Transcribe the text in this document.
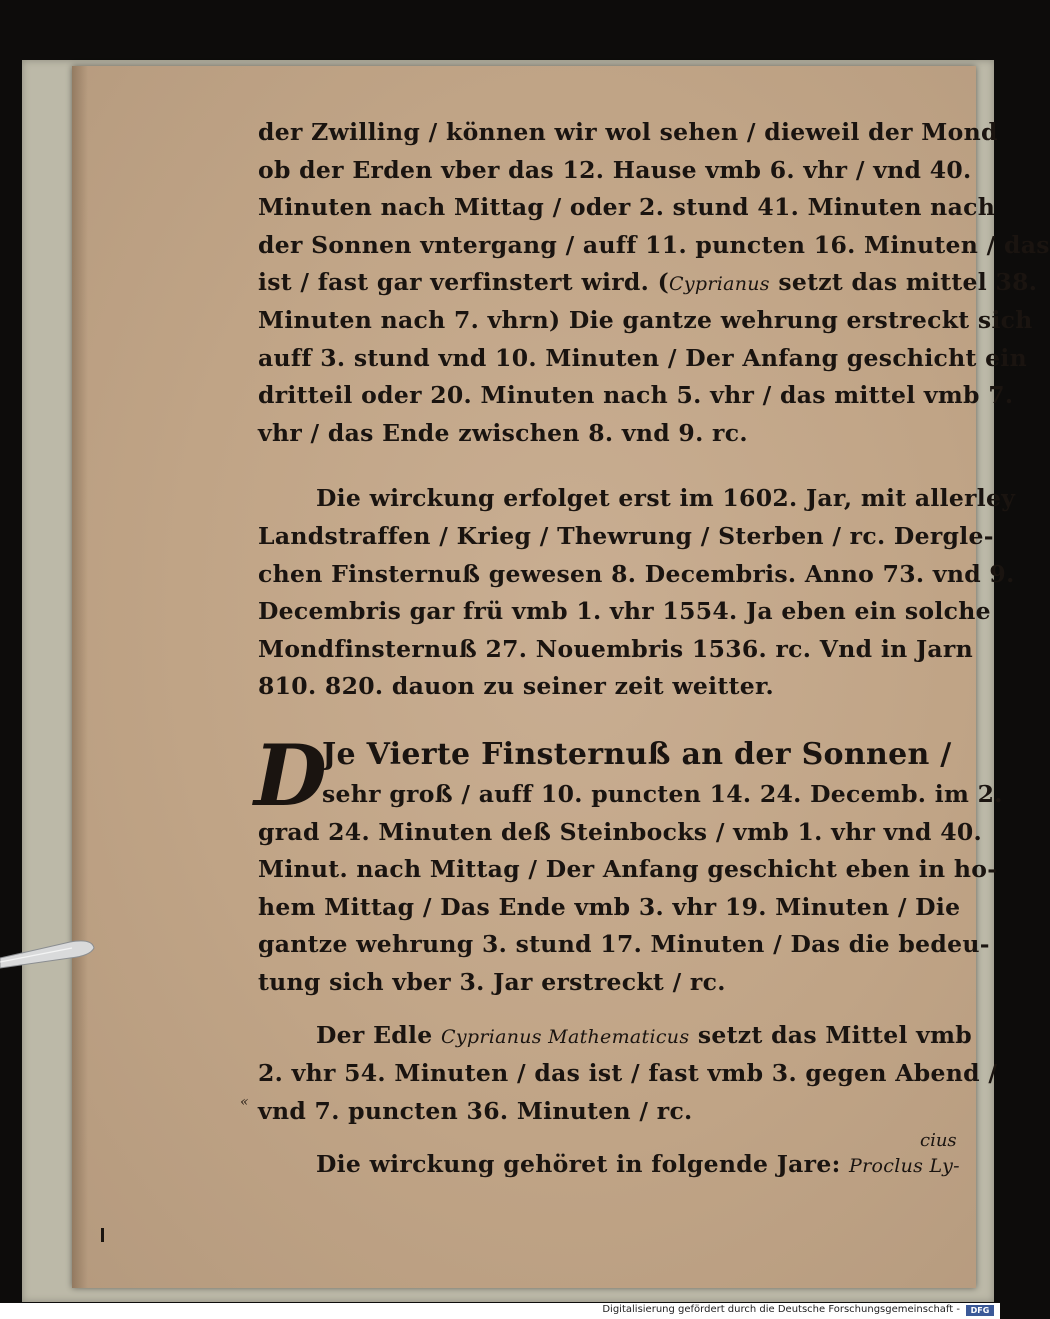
der Zwilling / können wir wol sehen / dieweil der Mond
ob der Erden vber das 12. Hause vmb 6. vhr / vnd 40.
Minuten nach Mittag / oder 2. stund 41. Minuten nach
der Sonnen vntergang / auff 11. puncten 16. Minuten / das
ist / fast gar verfinstert wird. (Cyprianus setzt das mittel 38.
Minuten nach 7. vhrn) Die gantze wehrung erstreckt sich
auff 3. stund vnd 10. Minuten / Der Anfang geschicht ein
dritteil oder 20. Minuten nach 5. vhr / das mittel vmb 7.
vhr / das Ende zwischen 8. vnd 9. rc.
Die wirckung erfolget erst im 1602. Jar, mit allerley
Landstraffen / Krieg / Thewrung / Sterben / rc. Dergle-
chen Finsternuß gewesen 8. Decembris. Anno 73. vnd 9.
Decembris gar frü vmb 1. vhr 1554. Ja eben ein solche
Mondfinsternuß 27. Nouembris 1536. rc. Vnd in Jarn
810. 820. dauon zu seiner zeit weitter.
D
Je Vierte Finsternuß an der Sonnen /
sehr groß / auff 10. puncten 14. 24. Decemb. im 2.
grad 24. Minuten deß Steinbocks / vmb 1. vhr vnd 40.
Minut. nach Mittag / Der Anfang geschicht eben in ho-
hem Mittag / Das Ende vmb 3. vhr 19. Minuten / Die
gantze wehrung 3. stund 17. Minuten / Das die bedeu-
tung sich vber 3. Jar erstreckt / rc.
Der Edle Cyprianus Mathematicus setzt das Mittel vmb
2. vhr 54. Minuten / das ist / fast vmb 3. gegen Abend /
vnd 7. puncten 36. Minuten / rc.
Die wirckung gehöret in folgende Jare: Proclus Ly-
«
cius
Digitalisierung gefördert durch die Deutsche Forschungsgemeinschaft -	DFG
